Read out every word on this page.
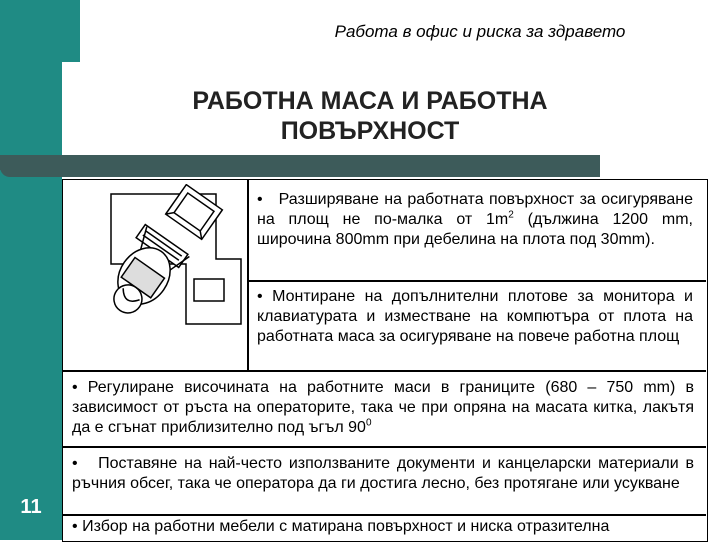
Работа в офис и риска за здравето
РАБОТНА МАСА И РАБОТНА
ПОВЪРХНОСТ
11
• Разширяване на работната повърхност за осигуряване на площ не по-малка от $1m^2$ (дължина 1200 mm, широчина 800mm при дебелина на плота под 30mm).
• Монтиране на допълнителни плотове за монитора и клавиатурата и изместване на компютъра от плота на работната маса за осигуряване на повече работна площ
• Регулиране височината на работните маси в границите (680 – 750 mm) в зависимост от ръста на операторите, така че при опряна на масата китка, лакътя да е сгънат приблизително под ъгъл $90^0$
• Поставяне на най-често използваните документи и канцеларски материали в ръчния обсег, така че оператора да ги достига лесно, без протягане или усукване
• Избор на работни мебели с матирана повърхност и ниска отразителна
